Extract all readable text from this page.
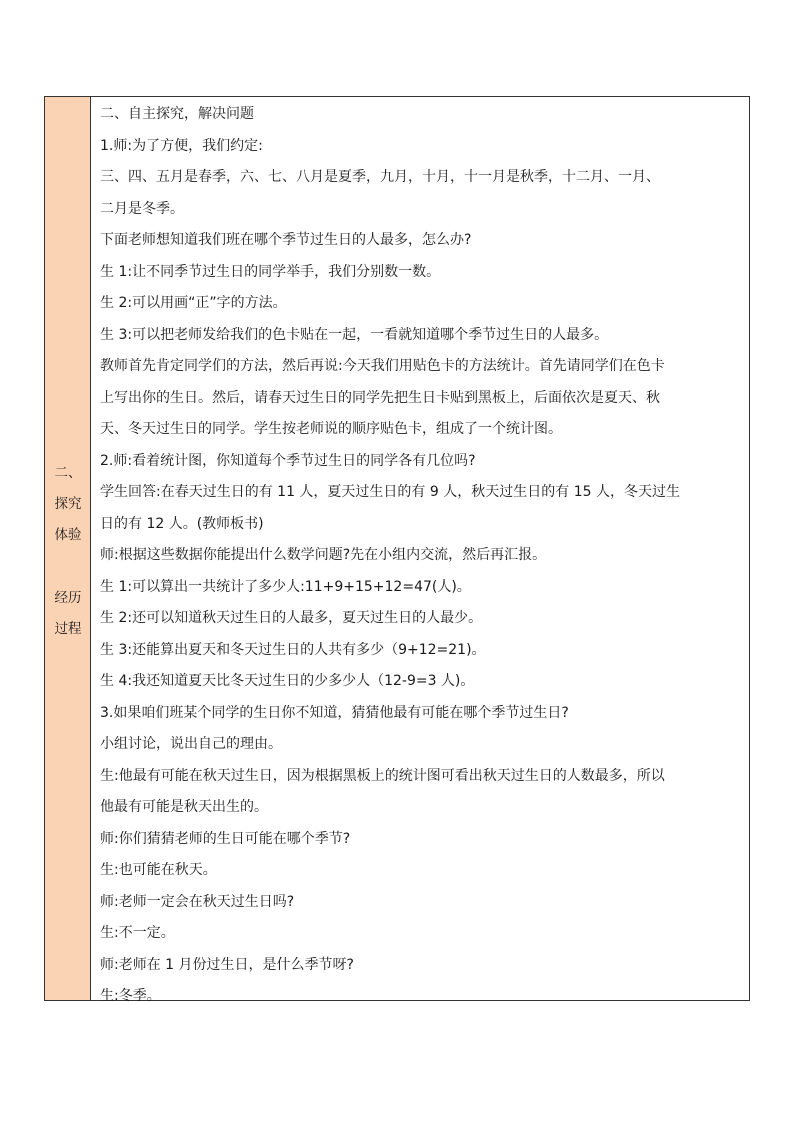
二、
探究
体验
经历
过程
二、自主探究，解决问题
1.师:为了方便，我们约定:
三、四、五月是春季，六、七、八月是夏季，九月，十月，十一月是秋季，十二月、一月、
二月是冬季。
下面老师想知道我们班在哪个季节过生日的人最多，怎么办?
生 1:让不同季节过生日的同学举手，我们分别数一数。
生 2:可以用画“正”字的方法。
生 3:可以把老师发给我们的色卡贴在一起，一看就知道哪个季节过生日的人最多。
教师首先肯定同学们的方法，然后再说:今天我们用贴色卡的方法统计。首先请同学们在色卡
上写出你的生日。然后，请春天过生日的同学先把生日卡贴到黑板上，后面依次是夏天、秋
天、冬天过生日的同学。学生按老师说的顺序贴色卡，组成了一个统计图。
2.师:看着统计图，你知道每个季节过生日的同学各有几位吗?
学生回答:在春天过生日的有 11 人，夏天过生日的有 9 人，秋天过生日的有 15 人，冬天过生
日的有 12 人。(教师板书)
师:根据这些数据你能提出什么数学问题?先在小组内交流，然后再汇报。
生 1:可以算出一共统计了多少人:11+9+15+12=47(人)。
生 2:还可以知道秋天过生日的人最多，夏天过生日的人最少。
生 3:还能算出夏天和冬天过生日的人共有多少（9+12=21)。
生 4:我还知道夏天比冬天过生日的少多少人（12-9=3 人)。
3.如果咱们班某个同学的生日你不知道，猜猜他最有可能在哪个季节过生日?
小组讨论，说出自己的理由。
生:他最有可能在秋天过生日，因为根据黑板上的统计图可看出秋天过生日的人数最多，所以
他最有可能是秋天出生的。
师:你们猜猜老师的生日可能在哪个季节?
生:也可能在秋天。
师:老师一定会在秋天过生日吗?
生:不一定。
师:老师在 1 月份过生日，是什么季节呀?
生:冬季。
